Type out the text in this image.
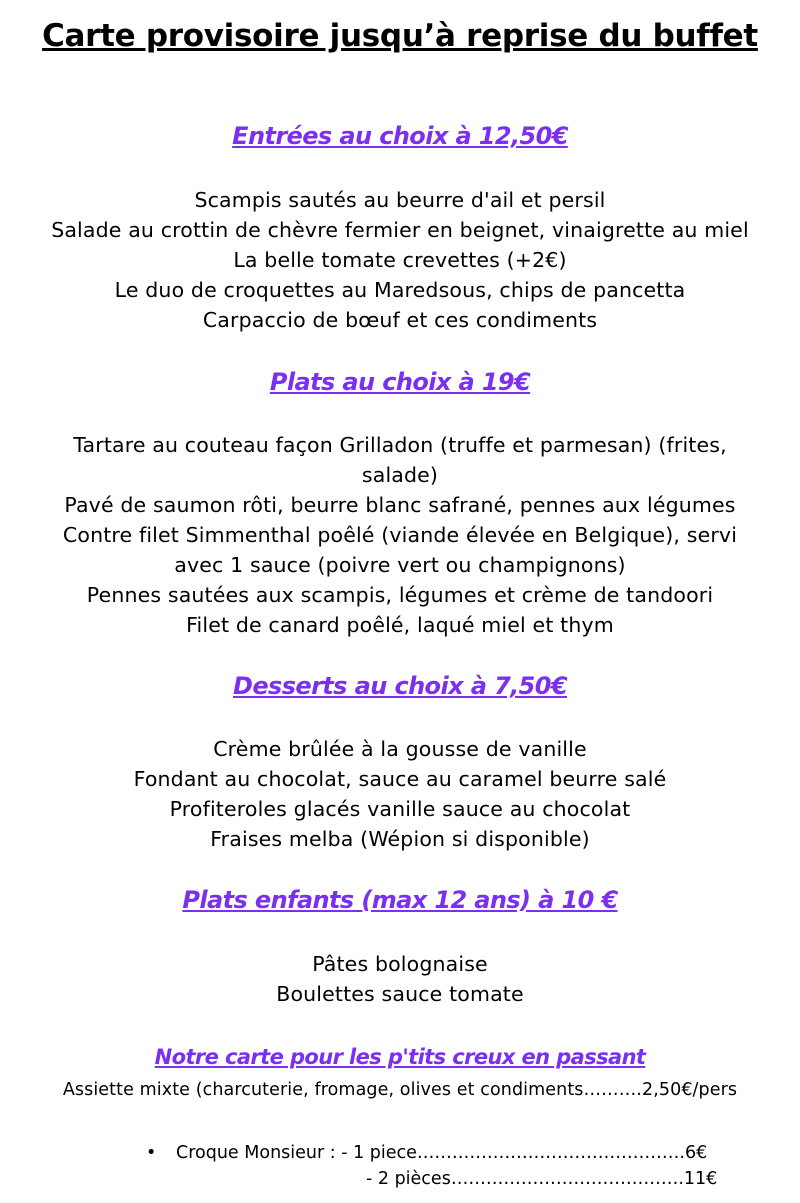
Carte provisoire jusqu’à reprise du buffet
Entrées au choix à 12,50€
Scampis sautés au beurre d'ail et persil
Salade au crottin de chèvre fermier en beignet, vinaigrette au miel
La belle tomate crevettes (+2€)
Le duo de croquettes au Maredsous, chips de pancetta
Carpaccio de bœuf et ces condiments
Plats au choix à 19€
Tartare au couteau façon Grilladon (truffe et parmesan) (frites,
salade)
Pavé de saumon rôti, beurre blanc safrané, pennes aux légumes
Contre filet Simmenthal poêlé (viande élevée en Belgique), servi
avec 1 sauce (poivre vert ou champignons)
Pennes sautées aux scampis, légumes et crème de tandoori
Filet de canard poêlé, laqué miel et thym
Desserts au choix à 7,50€
Crème brûlée à la gousse de vanille
Fondant au chocolat, sauce au caramel beurre salé
Profiteroles glacés vanille sauce au chocolat
Fraises melba (Wépion si disponible)
Plats enfants (max 12 ans) à 10 €
Pâtes bolognaise
Boulettes sauce tomate
Notre carte pour les p'tits creux en passant
Assiette mixte (charcuterie, fromage, olives et condiments……….2,50€/pers
• Croque Monsieur : - 1 piece……………………………………….6€
- 2 pièces………………………………….11€
